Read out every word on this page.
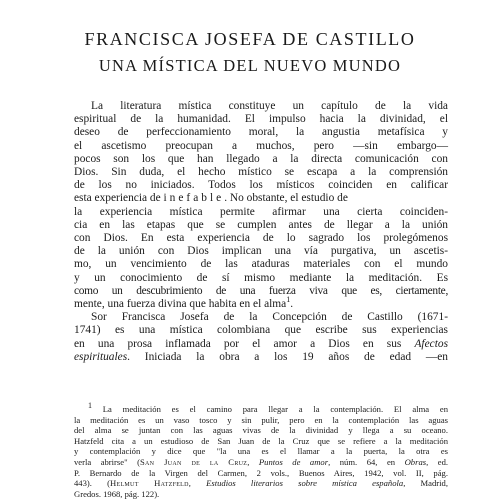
FRANCISCA JOSEFA DE CASTILLO
UNA MÍSTICA DEL NUEVO MUNDO
La literatura mística constituye un capítulo de la vida
espiritual de la humanidad. El impulso hacia la divinidad, el
deseo de perfeccionamiento moral, la angustia metafísica y
el ascetismo preocupan a muchos, pero —sin embargo—
pocos son los que han llegado a la directa comunicación con
Dios. Sin duda, el hecho místico se escapa a la comprensión
de los no iniciados. Todos los místicos coinciden en calificar
esta experiencia de inefable. No obstante, el estudio de
la experiencia mística permite afirmar una cierta coinciden-
cia en las etapas que se cumplen antes de llegar a la unión
con Dios. En esta experiencia de lo sagrado los prolegómenos
de la unión con Dios implican una vía purgativa, un ascetis-
mo, un vencimiento de las ataduras materiales con el mundo
y un conocimiento de sí mismo mediante la meditación. Es
como un descubrimiento de una fuerza viva que es, ciertamente,
mente, una fuerza divina que habita en el alma$^1$.
Sor Francisca Josefa de la Concepción de Castillo (1671-
1741) es una mística colombiana que escribe sus experiencias
en una prosa inflamada por el amor a Dios en sus Afectos
espirituales. Iniciada la obra a los 19 años de edad —en
$^1$ La meditación es el camino para llegar a la contemplación. El alma en
la meditación es un vaso tosco y sin pulir, pero en la contemplación las aguas
del alma se juntan con las aguas vivas de la divinidad y llega a su oceano.
Hatzfeld cita a un estudioso de San Juan de la Cruz que se refiere a la meditación
y contemplación y dice que "la una es el llamar a la puerta, la otra es
verla abrirse" (San Juan de la Cruz, Puntos de amor, núm. 64, en Obras, ed.
P. Bernardo de la Virgen del Carmen, 2 vols., Buenos Aires, 1942, vol. II, pág.
443). (Helmut Hatzfeld, Estudios literarios sobre mística española, Madrid,
Gredos. 1968, pág. 122).
